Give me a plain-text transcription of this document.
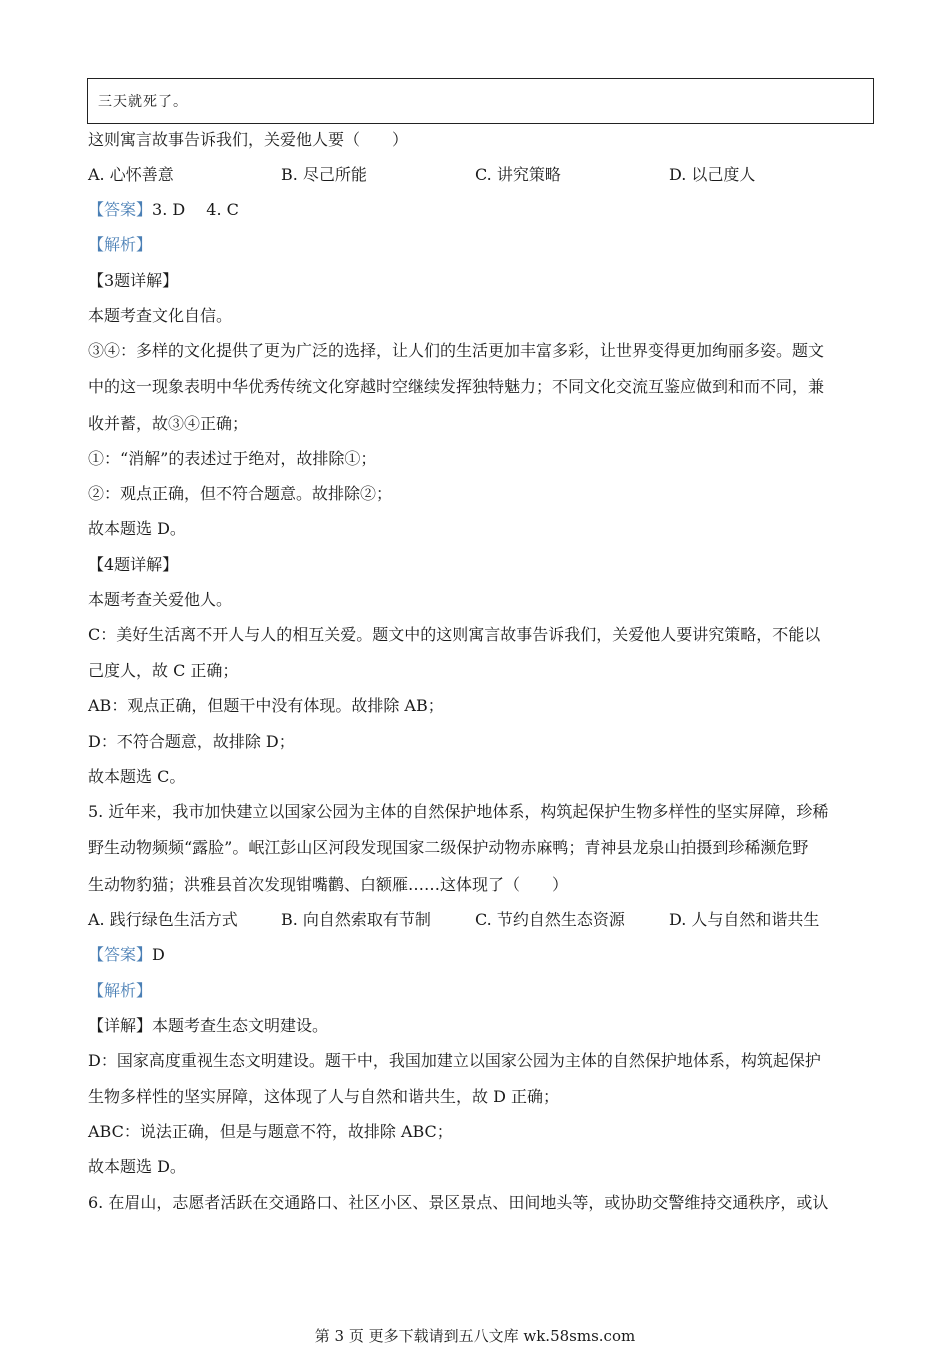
三天就死了。
这则寓言故事告诉我们，关爱他人要（　　）
A. 心怀善意	B. 尽己所能	C. 讲究策略	D. 以己度人
【答案】3. D　 4. C
【解析】
【3题详解】
本题考查文化自信。
③④：多样的文化提供了更为广泛的选择，让人们的生活更加丰富多彩，让世界变得更加绚丽多姿。题文
中的这一现象表明中华优秀传统文化穿越时空继续发挥独特魅力；不同文化交流互鉴应做到和而不同，兼
收并蓄，故③④正确；
①：“消解”的表述过于绝对，故排除①；
②：观点正确，但不符合题意。故排除②；
故本题选 D。
【4题详解】
本题考查关爱他人。
C：美好生活离不开人与人的相互关爱。题文中的这则寓言故事告诉我们，关爱他人要讲究策略，不能以
己度人，故 C 正确；
AB：观点正确，但题干中没有体现。故排除 AB；
D：不符合题意，故排除 D；
故本题选 C。
5. 近年来，我市加快建立以国家公园为主体的自然保护地体系，构筑起保护生物多样性的坚实屏障，珍稀
野生动物频频“露脸”。岷江彭山区河段发现国家二级保护动物赤麻鸭；青神县龙泉山拍摄到珍稀濒危野
生动物豹猫；洪雅县首次发现钳嘴鹳、白额雁……这体现了（　　）
A. 践行绿色生活方式	B. 向自然索取有节制	C. 节约自然生态资源	D. 人与自然和谐共生
【答案】D
【解析】
【详解】本题考查生态文明建设。
D：国家高度重视生态文明建设。题干中，我国加建立以国家公园为主体的自然保护地体系，构筑起保护
生物多样性的坚实屏障，这体现了人与自然和谐共生，故 D 正确；
ABC：说法正确，但是与题意不符，故排除 ABC；
故本题选 D。
6. 在眉山，志愿者活跃在交通路口、社区小区、景区景点、田间地头等，或协助交警维持交通秩序，或认
第 3 页 更多下载请到五八文库 wk.58sms.com
